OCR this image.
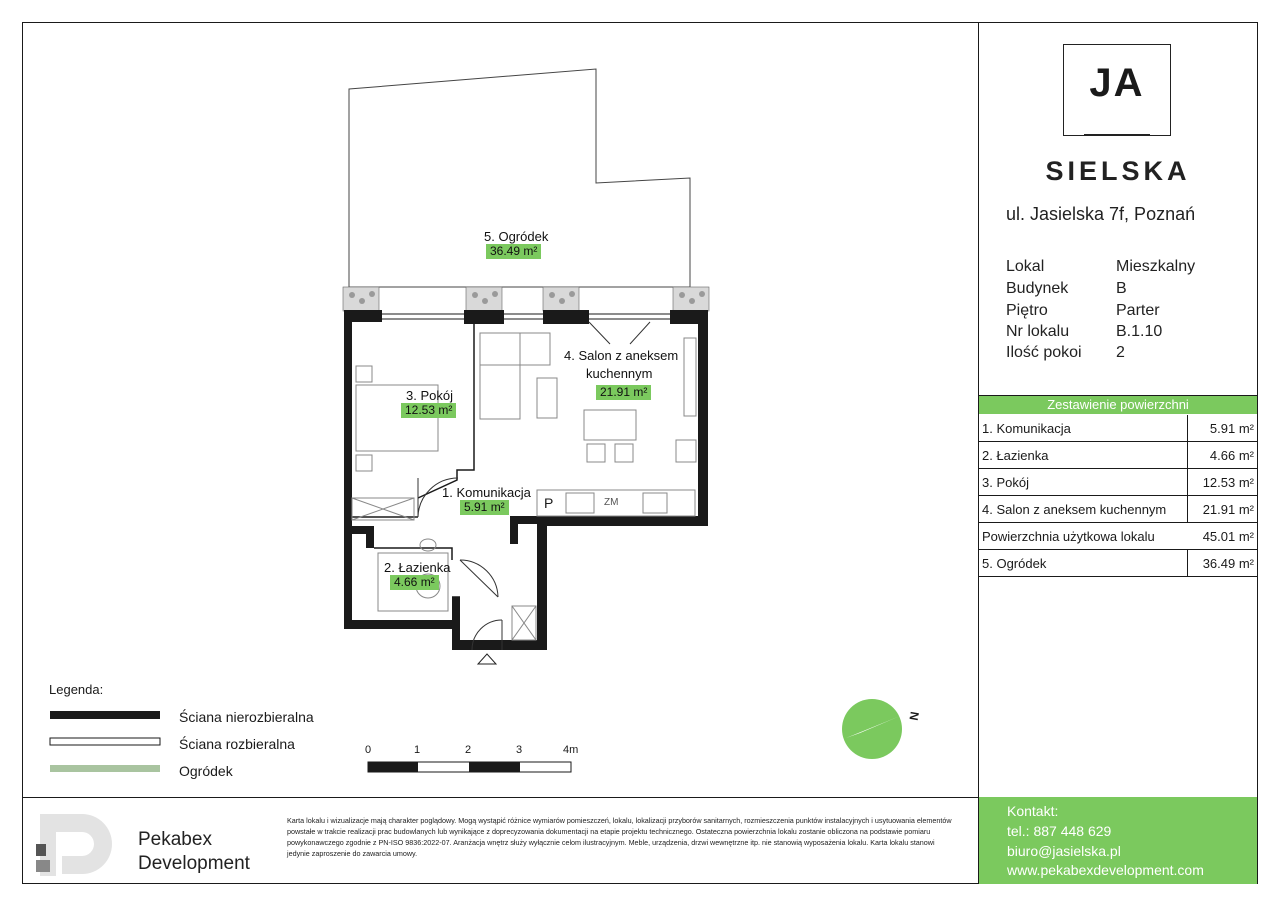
5. Ogródek
36.49 m²
4. Salon z aneksem
kuchennym
21.91 m²
3. Pokój
12.53 m²
1. Komunikacja
5.91 m²
2. Łazienka
4.66 m²
P	ZM
Legenda:
Ściana nierozbieralna
Ściana rozbieralna
Ogródek
0	1	2	3	4m
N
JA
SIELSKA
ul. Jasielska 7f, Poznań
Lokal	Mieszkalny
Budynek	B
Piętro	Parter
Nr lokalu	B.1.10
Ilość pokoi 2
Zestawienie powierzchni
1. Komunikacja	5.91 m²
2. Łazienka	4.66 m²
3. Pokój	12.53 m²
4. Salon z aneksem kuchennym	21.91 m²
Powierzchnia użytkowa lokalu	45.01 m²
5. Ogródek	36.49 m²
Kontakt:
tel.: 887 448 629
biuro@jasielska.pl
www.pekabexdevelopment.com
Pekabex
Development
Karta lokalu i wizualizacje mają charakter poglądowy. Mogą wystąpić różnice wymiarów pomieszczeń, lokalu, lokalizacji przyborów sanitarnych, rozmieszczenia punktów instalacyjnych i usytuowania elementów powstałe w trakcie realizacji prac budowlanych lub wynikające z doprecyzowania dokumentacji na etapie projektu technicznego. Ostateczna powierzchnia lokalu zostanie obliczona na podstawie pomiaru powykonawczego zgodnie z PN-ISO 9836:2022-07. Aranżacja wnętrz służy wyłącznie celom ilustracyjnym. Meble, urządzenia, drzwi wewnętrzne itp. nie stanowią wyposażenia lokalu. Karta lokalu stanowi jedynie zaproszenie do zawarcia umowy.
